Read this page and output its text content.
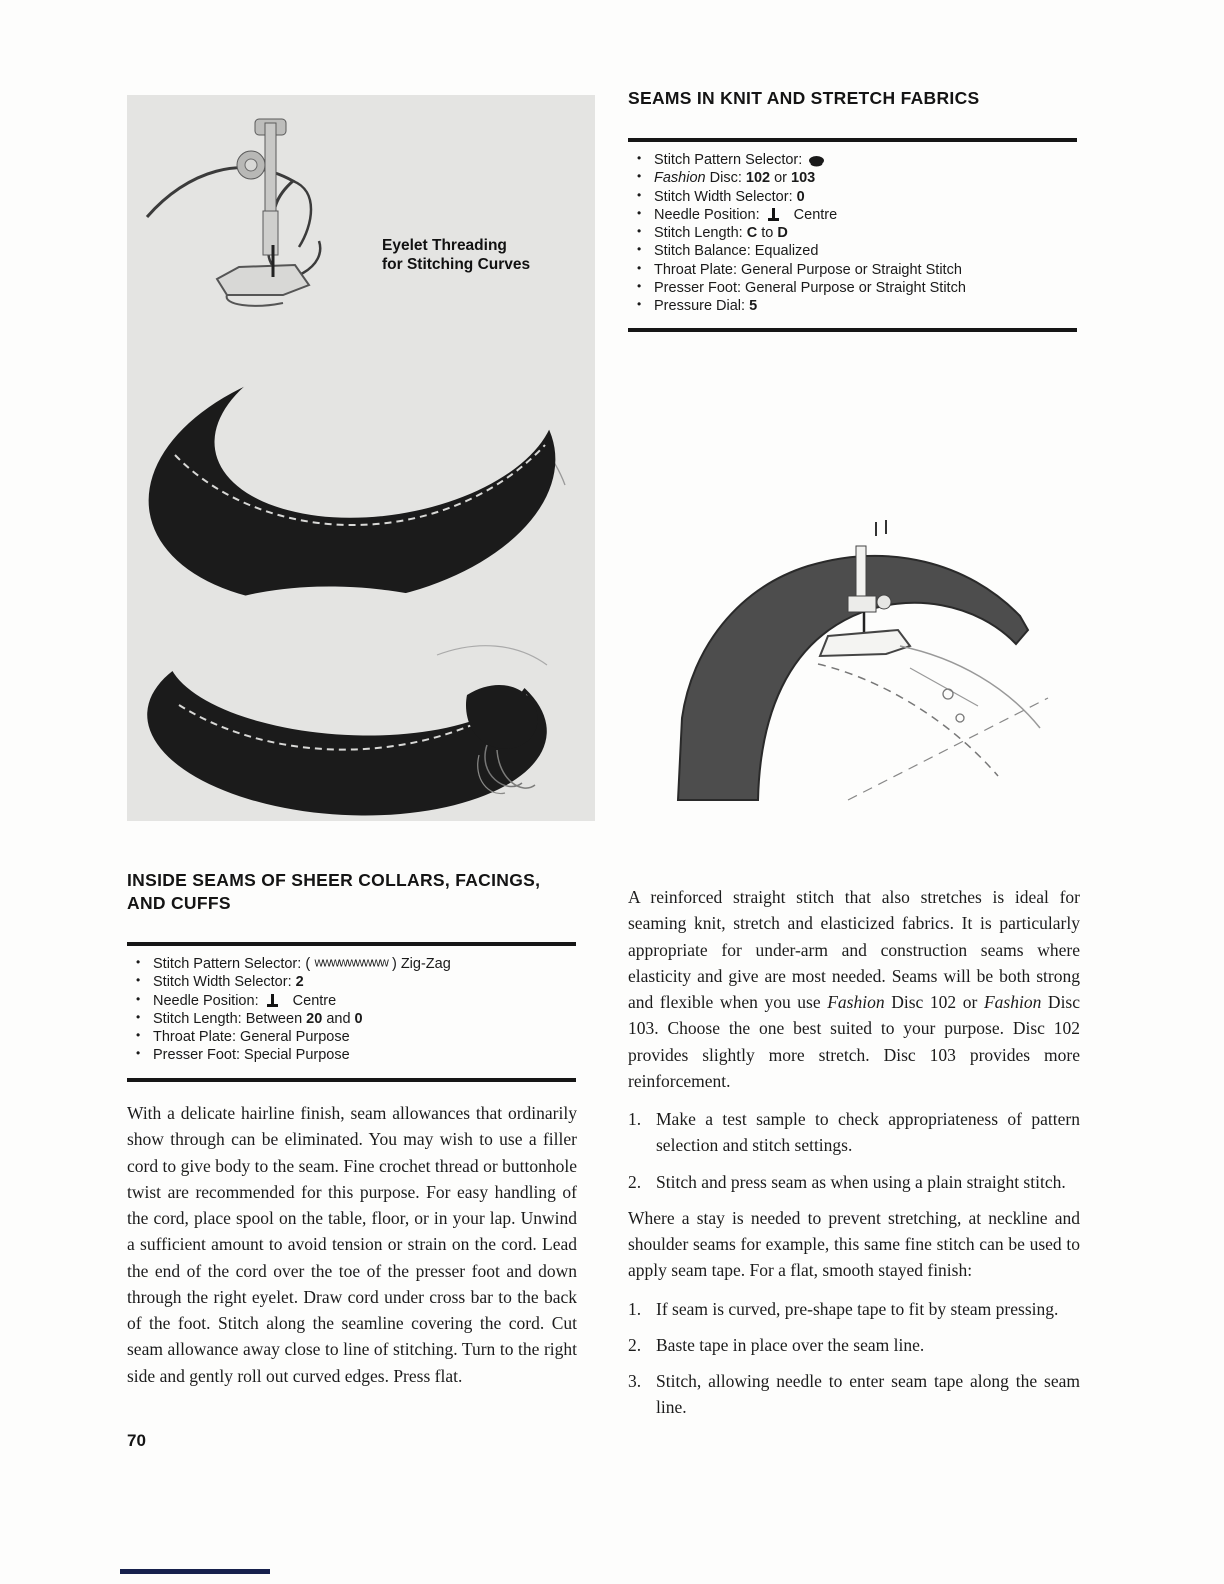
Eyelet Threading
for Stitching Curves
SEAMS IN KNIT AND STRETCH FABRICS
• Stitch Pattern Selector:
• Fashion Disc: 102 or 103
• Stitch Width Selector: 0
• Needle Position:  Centre
• Stitch Length: C to D
• Stitch Balance: Equalized
• Throat Plate: General Purpose or Straight Stitch
• Presser Foot: General Purpose or Straight Stitch
• Pressure Dial: 5
INSIDE SEAMS OF SHEER COLLARS, FACINGS,
AND CUFFS
• Stitch Pattern Selector: ( WWWWWWWWW ) Zig-Zag
• Stitch Width Selector: 2
• Needle Position:  Centre
• Stitch Length: Between 20 and 0
• Throat Plate: General Purpose
• Presser Foot: Special Purpose

With a delicate hairline finish, seam allowances that ordinarily show through can be eliminated. You may wish to use a filler cord to give body to the seam. Fine crochet thread or buttonhole twist are recommended for this purpose. For easy handling of the cord, place spool on the table, floor, or in your lap. Unwind a sufficient amount to avoid tension or strain on the cord. Lead the end of the cord over the toe of the presser foot and down through the right eyelet. Draw cord under cross bar to the back of the foot. Stitch along the seamline covering the cord. Cut seam allowance away close to line of stitching. Turn to the right side and gently roll out curved edges. Press flat.

A reinforced straight stitch that also stretches is ideal for seaming knit, stretch and elasticized fabrics. It is particularly appropriate for under-arm and construction seams where elasticity and give are most needed. Seams will be both strong and flexible when you use Fashion Disc 102 or Fashion Disc 103. Choose the one best suited to your purpose. Disc 102 provides slightly more stretch. Disc 103 provides more reinforcement.

1. Make a test sample to check appropriateness of pattern selection and stitch settings.
2. Stitch and press seam as when using a plain straight stitch.

Where a stay is needed to prevent stretching, at neckline and shoulder seams for example, this same fine stitch can be used to apply seam tape. For a flat, smooth stayed finish:

1. If seam is curved, pre-shape tape to fit by steam pressing.
2. Baste tape in place over the seam line.
3. Stitch, allowing needle to enter seam tape along the seam line.
70
